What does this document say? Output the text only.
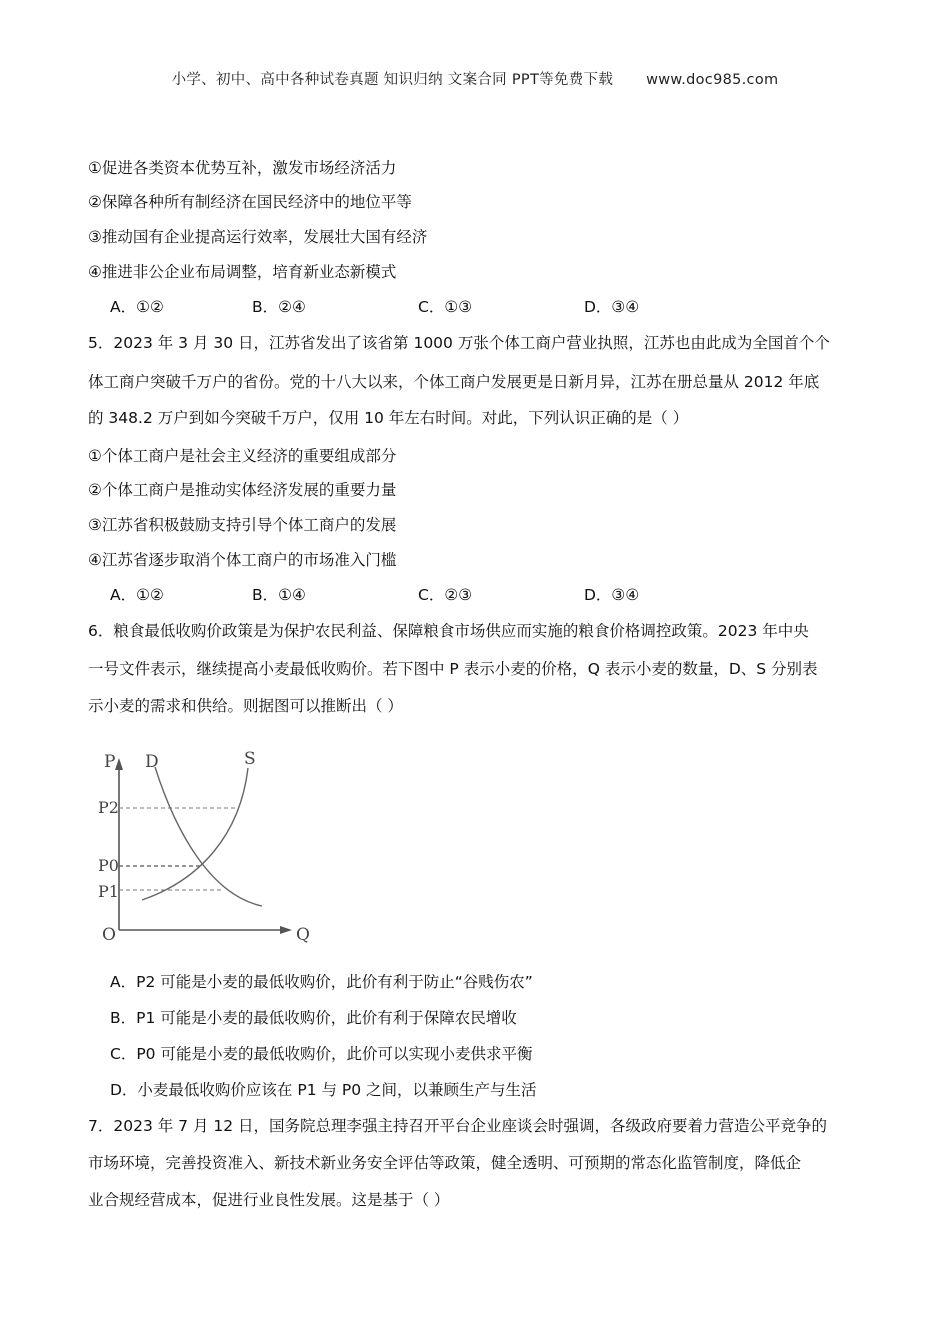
小学、初中、高中各种试卷真题 知识归纳 文案合同 PPT等免费下载 www.doc985.com
①促进各类资本优势互补，激发市场经济活力
②保障各种所有制经济在国民经济中的地位平等
③推动国有企业提高运行效率，发展壮大国有经济
④推进非公企业布局调整，培育新业态新模式
A．①②	B．②④	C．①③	D．③④
5．2023 年 3 月 30 日，江苏省发出了该省第 1000 万张个体工商户营业执照，江苏也由此成为全国首个个
体工商户突破千万户的省份。党的十八大以来，个体工商户发展更是日新月异，江苏在册总量从 2012 年底
的 348.2 万户到如今突破千万户，仅用 10 年左右时间。对此，下列认识正确的是（ ）
①个体工商户是社会主义经济的重要组成部分
②个体工商户是推动实体经济发展的重要力量
③江苏省积极鼓励支持引导个体工商户的发展
④江苏省逐步取消个体工商户的市场准入门槛
A．①②	B．①④	C．②③	D．③④
6．粮食最低收购价政策是为保护农民利益、保障粮食市场供应而实施的粮食价格调控政策。2023 年中央
一号文件表示，继续提高小麦最低收购价。若下图中 P 表示小麦的价格，Q 表示小麦的数量，D、S 分别表
示小麦的需求和供给。则据图可以推断出（ ）
P D	S
P2
P0
P1
O	Q
A．P2 可能是小麦的最低收购价，此价有利于防止“谷贱伤农”
B．P1 可能是小麦的最低收购价，此价有利于保障农民增收
C．P0 可能是小麦的最低收购价，此价可以实现小麦供求平衡
D．小麦最低收购价应该在 P1 与 P0 之间，以兼顾生产与生活
7．2023 年 7 月 12 日，国务院总理李强主持召开平台企业座谈会时强调，各级政府要着力营造公平竞争的
市场环境，完善投资准入、新技术新业务安全评估等政策，健全透明、可预期的常态化监管制度，降低企
业合规经营成本，促进行业良性发展。这是基于（ ）
